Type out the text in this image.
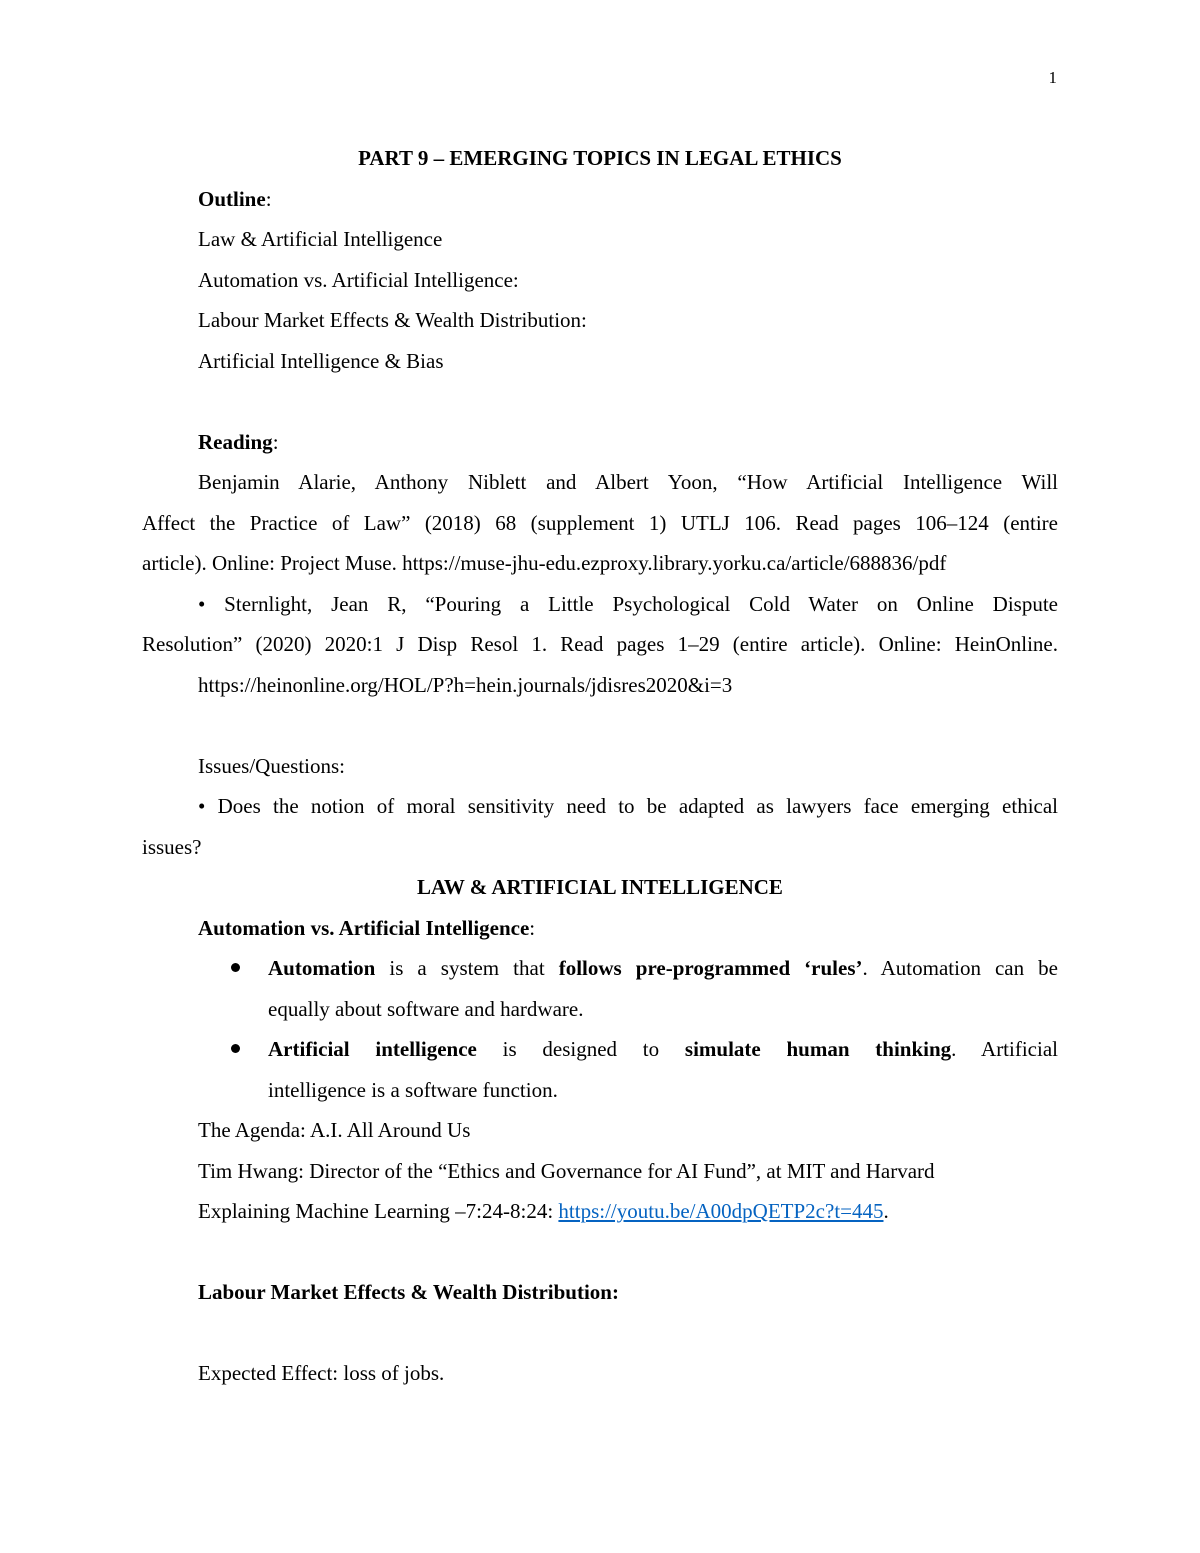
1
PART 9 – EMERGING TOPICS IN LEGAL ETHICS
Outline:
Law & Artificial Intelligence
Automation vs. Artificial Intelligence:
Labour Market Effects & Wealth Distribution:
Artificial Intelligence & Bias
Reading:
Benjamin Alarie, Anthony Niblett and Albert Yoon, “How Artificial Intelligence Will
Affect the Practice of Law” (2018) 68 (supplement 1) UTLJ 106. Read pages 106–124 (entire
article). Online: Project Muse. https://muse-jhu-edu.ezproxy.library.yorku.ca/article/688836/pdf
• Sternlight, Jean R, “Pouring a Little Psychological Cold Water on Online Dispute
Resolution” (2020) 2020:1 J Disp Resol 1. Read pages 1–29 (entire article). Online: HeinOnline.
https://heinonline.org/HOL/P?h=hein.journals/jdisres2020&i=3
Issues/Questions:
• Does the notion of moral sensitivity need to be adapted as lawyers face emerging ethical
issues?
LAW & ARTIFICIAL INTELLIGENCE
Automation vs. Artificial Intelligence:
Automation is a system that follows pre-programmed ‘rules’. Automation can be
equally about software and hardware.
Artificial intelligence is designed to simulate human thinking. Artificial
intelligence is a software function.
The Agenda: A.I. All Around Us
Tim Hwang: Director of the “Ethics and Governance for AI Fund”, at MIT and Harvard
Explaining Machine Learning –7:24-8:24: https://youtu.be/A00dpQETP2c?t=445.
Labour Market Effects & Wealth Distribution:
Expected Effect: loss of jobs.
